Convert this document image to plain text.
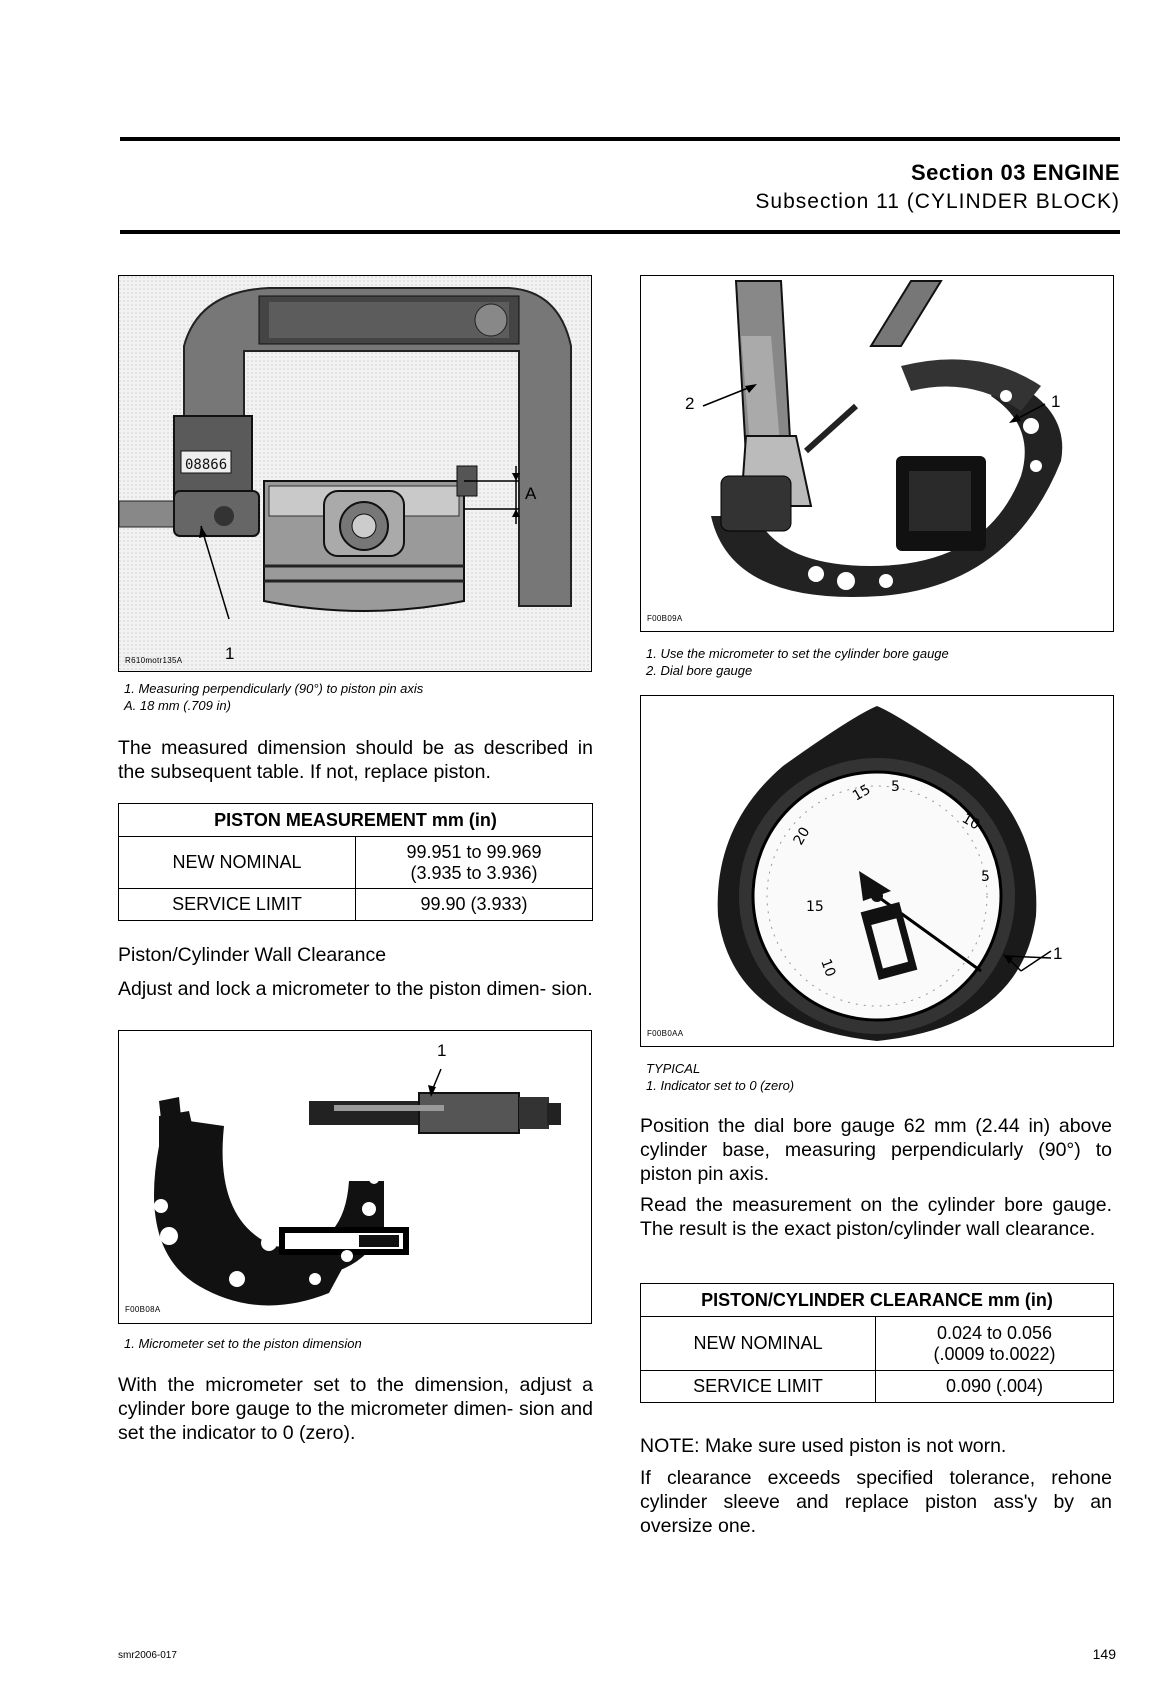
Section 03 ENGINE
Subsection 11 (CYLINDER BLOCK)
08866
A
R610motr135A	1
1. Measuring perpendicularly (90°) to piston pin axis
A. 18 mm (.709 in)
The measured dimension should be as described in the subsequent table. If not, replace piston.
PISTON MEASUREMENT mm (in)	
NEW NOMINAL	99.951 to 99.969
(3.935 to 3.936)

SERVICE LIMIT	99.90 (3.933)
Piston/Cylinder Wall Clearance
Adjust and lock a micrometer to the piston dimen- sion.
1
F00B08A
1. Micrometer set to the piston dimension
With the micrometer set to the dimension, adjust a cylinder bore gauge to the micrometer dimen- sion and set the indicator to 0 (zero).
2	1
F00B09A
1. Use the micrometer to set the cylinder bore gauge
2. Dial bore gauge
20
15 5
10
5
15
10
1
F00B0AA
TYPICAL
1. Indicator set to 0 (zero)
Position the dial bore gauge 62 mm (2.44 in) above cylinder base, measuring perpendicularly (90°) to piston pin axis.
Read the measurement on the cylinder bore gauge. The result is the exact piston/cylinder wall clearance.
PISTON/CYLINDER CLEARANCE mm (in)	
NEW NOMINAL	0.024 to 0.056
(.0009 to.0022)

SERVICE LIMIT	0.090 (.004)
NOTE: Make sure used piston is not worn.
If clearance exceeds specified tolerance, rehone cylinder sleeve and replace piston ass'y by an oversize one.
smr2006-017	149
